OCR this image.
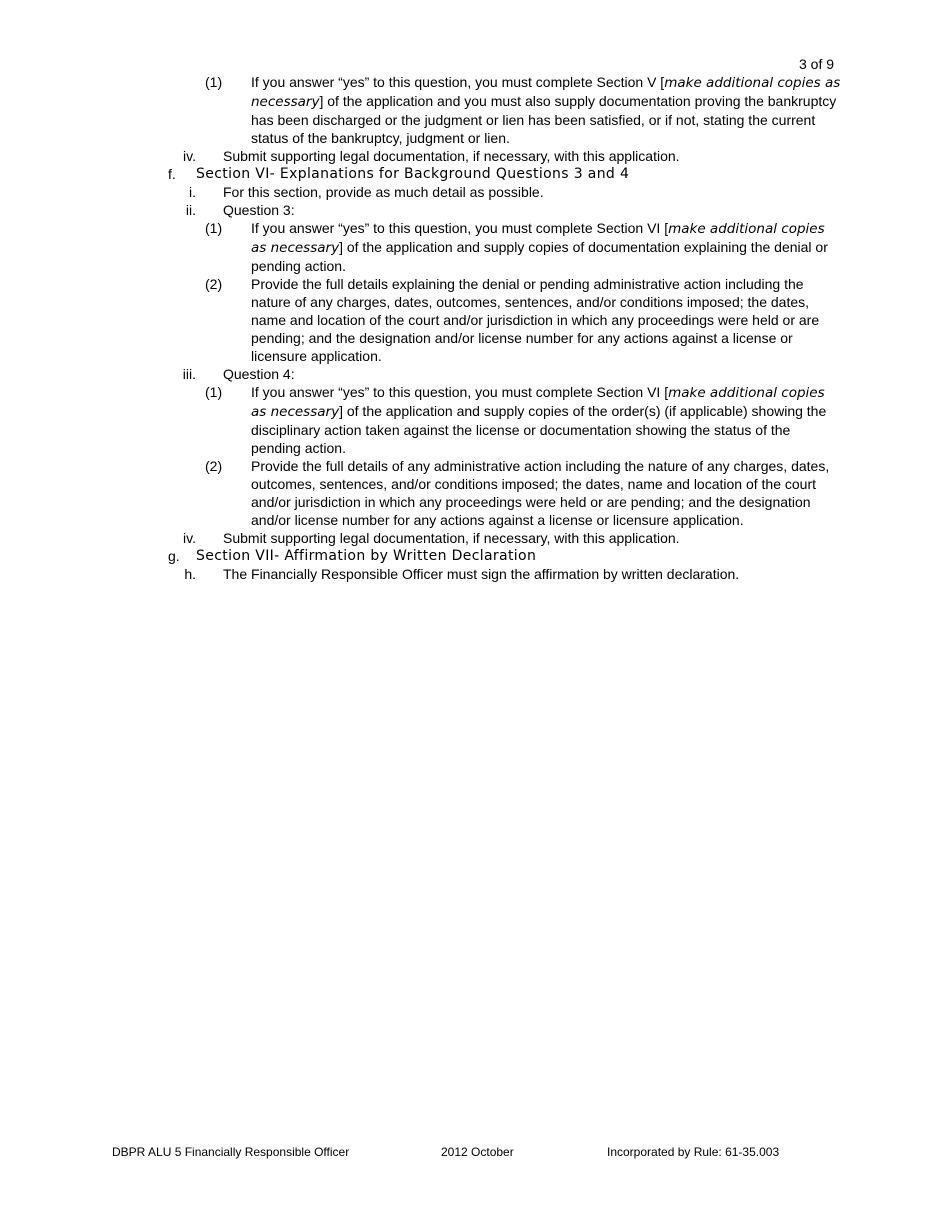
3 of 9
(1) If you answer “yes” to this question, you must complete Section V [make additional copies as necessary] of the application and you must also supply documentation proving the bankruptcy has been discharged or the judgment or lien has been satisfied, or if not, stating the current status of the bankruptcy, judgment or lien.
iv. Submit supporting legal documentation, if necessary, with this application.
f. Section VI- Explanations for Background Questions 3 and 4
i. For this section, provide as much detail as possible.
ii. Question 3:
(1) If you answer “yes” to this question, you must complete Section VI [make additional copies as necessary] of the application and supply copies of documentation explaining the denial or pending action.
(2) Provide the full details explaining the denial or pending administrative action including the nature of any charges, dates, outcomes, sentences, and/or conditions imposed; the dates, name and location of the court and/or jurisdiction in which any proceedings were held or are pending; and the designation and/or license number for any actions against a license or licensure application.
iii. Question 4:
(1) If you answer “yes” to this question, you must complete Section VI [make additional copies as necessary] of the application and supply copies of the order(s) (if applicable) showing the disciplinary action taken against the license or documentation showing the status of the pending action.
(2) Provide the full details of any administrative action including the nature of any charges, dates, outcomes, sentences, and/or conditions imposed; the dates, name and location of the court and/or jurisdiction in which any proceedings were held or are pending; and the designation and/or license number for any actions against a license or licensure application.
iv. Submit supporting legal documentation, if necessary, with this application.
g. Section VII- Affirmation by Written Declaration
h. The Financially Responsible Officer must sign the affirmation by written declaration.
DBPR ALU 5 Financially Responsible Officer	2012 October	Incorporated by Rule: 61-35.003
